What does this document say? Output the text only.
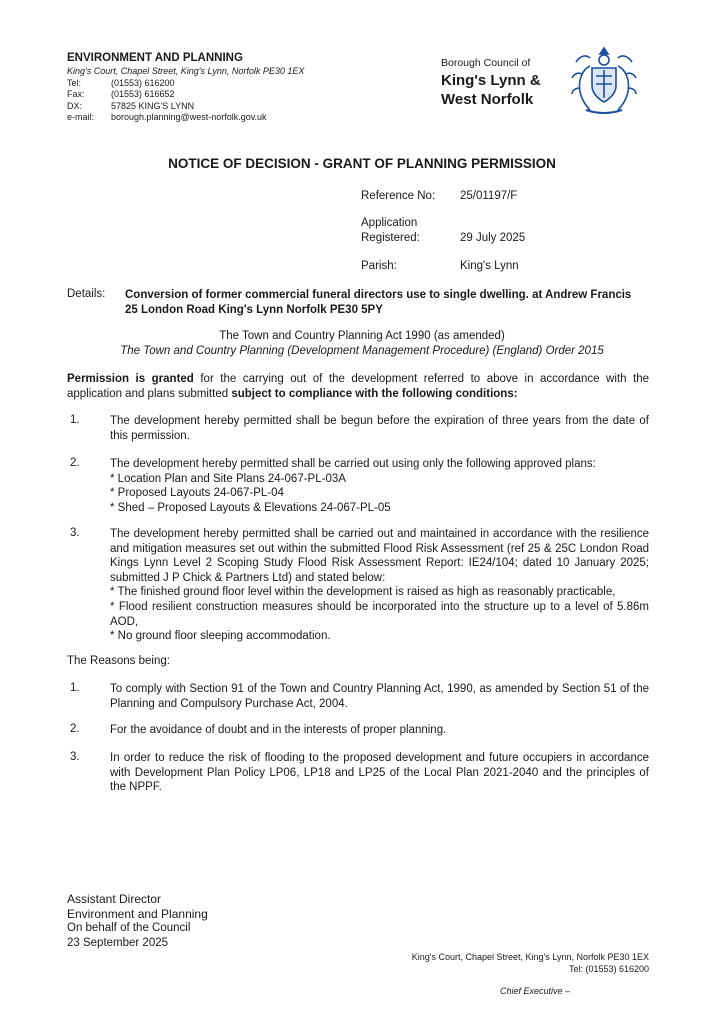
ENVIRONMENT AND PLANNING
King's Court, Chapel Street, King's Lynn, Norfolk PE30 1EX
Tel:	(01553) 616200
Fax:	(01553) 616652
DX:	57825 KING'S LYNN
e-mail:	borough.planning@west-norfolk.gov.uk
Borough Council of
King's Lynn &
West Norfolk
NOTICE OF DECISION - GRANT OF PLANNING PERMISSION
Reference No: 25/01197/F
Application
Registered:	29 July 2025
Parish:	King's Lynn
Details: Conversion of former commercial funeral directors use to single dwelling. at Andrew Francis 25 London Road King's Lynn Norfolk PE30 5PY
The Town and Country Planning Act 1990 (as amended)
The Town and Country Planning (Development Management Procedure) (England) Order 2015
Permission is granted for the carrying out of the development referred to above in accordance with the application and plans submitted subject to compliance with the following conditions:
1.	The development hereby permitted shall be begun before the expiration of three years from the date of this permission.

2.	The development hereby permitted shall be carried out using only the following approved plans:

* Location Plan and Site Plans 24-067-PL-03A

* Proposed Layouts 24-067-PL-04

* Shed – Proposed Layouts & Elevations 24-067-PL-05

3.	The development hereby permitted shall be carried out and maintained in accordance with the resilience and mitigation measures set out within the submitted Flood Risk Assessment (ref 25 & 25C London Road Kings Lynn Level 2 Scoping Study Flood Risk Assessment Report: IE24/104; dated 10 January 2025; submitted J P Chick & Partners Ltd) and stated below:

* The finished ground floor level within the development is raised as high as reasonably practicable,

* Flood resilient construction measures should be incorporated into the structure up to a level of 5.86m AOD,

* No ground floor sleeping accommodation.

The Reasons being:
1.	To comply with Section 91 of the Town and Country Planning Act, 1990, as amended by Section 51 of the Planning and Compulsory Purchase Act, 2004.
2.	For the avoidance of doubt and in the interests of proper planning.
3.	In order to reduce the risk of flooding to the proposed development and future occupiers in accordance with Development Plan Policy LP06, LP18 and LP25 of the Local Plan 2021-2040 and the principles of the NPPF.
Assistant Director
Environment and Planning
On behalf of the Council
23 September 2025
King's Court, Chapel Street, King's Lynn, Norfolk PE30 1EX
Tel: (01553) 616200
Chief Executive –
